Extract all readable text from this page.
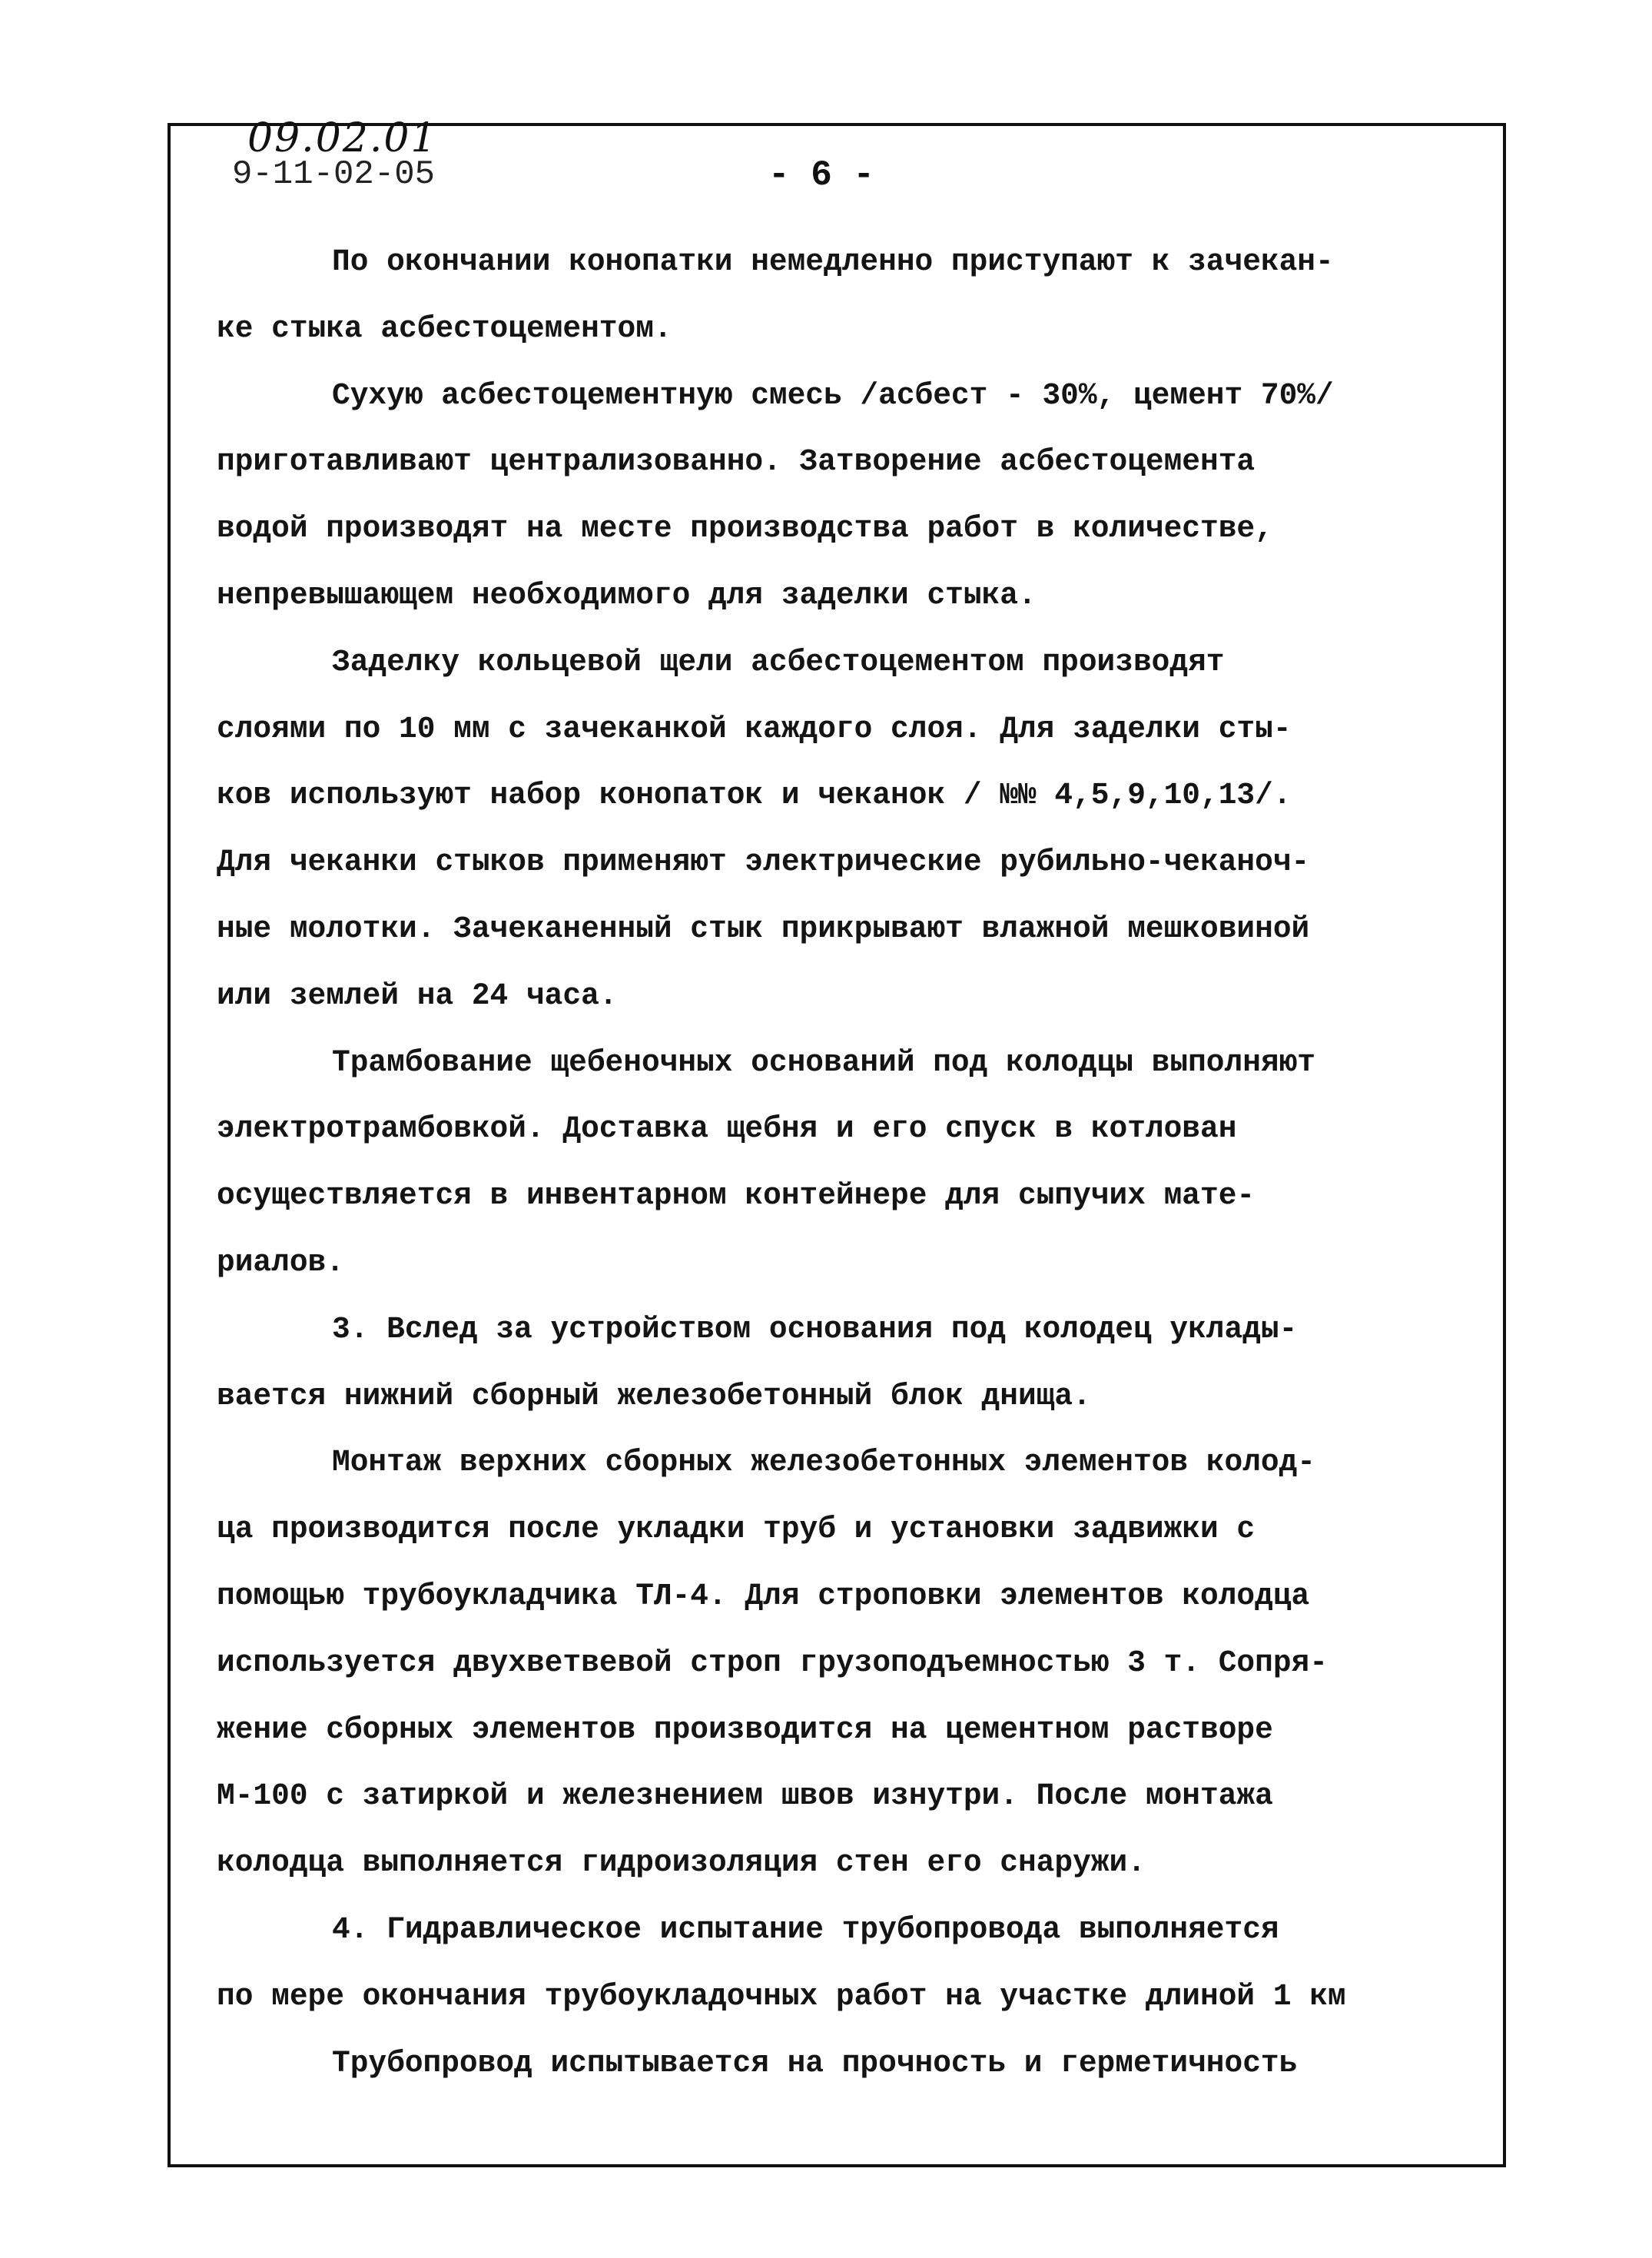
09.02.01
9-11-02-05	- 6 -
По окончании конопатки немедленно приступают к зачекан-
ке стыка асбестоцементом.
Сухую асбестоцементную смесь /асбест - 30%, цемент 70%/
приготавливают централизованно. Затворение асбестоцемента
водой производят на месте производства работ в количестве,
непревышающем необходимого для заделки стыка.
Заделку кольцевой щели асбестоцементом производят
слоями по 10 мм с зачеканкой каждого слоя. Для заделки сты-
ков используют набор конопаток и чеканок / №№ 4,5,9,10,13/.
Для чеканки стыков применяют электрические рубильно-чеканоч-
ные молотки. Зачеканенный стык прикрывают влажной мешковиной
или землей на 24 часа.
Трамбование щебеночных оснований под колодцы выполняют
электротрамбовкой. Доставка щебня и его спуск в котлован
осуществляется в инвентарном контейнере для сыпучих мате-
риалов.
3. Вслед за устройством основания под колодец уклады-
вается нижний сборный железобетонный блок днища.
Монтаж верхних сборных железобетонных элементов колод-
ца производится после укладки труб и установки задвижки с
помощью трубоукладчика ТЛ-4. Для строповки элементов колодца
используется двухветвевой строп грузоподъемностью 3 т. Сопря-
жение сборных элементов производится на цементном растворе
М-100 с затиркой и железнением швов изнутри. После монтажа
колодца выполняется гидроизоляция стен его снаружи.
4. Гидравлическое испытание трубопровода выполняется
по мере окончания трубоукладочных работ на участке длиной 1 км
Трубопровод испытывается на прочность и герметичность
